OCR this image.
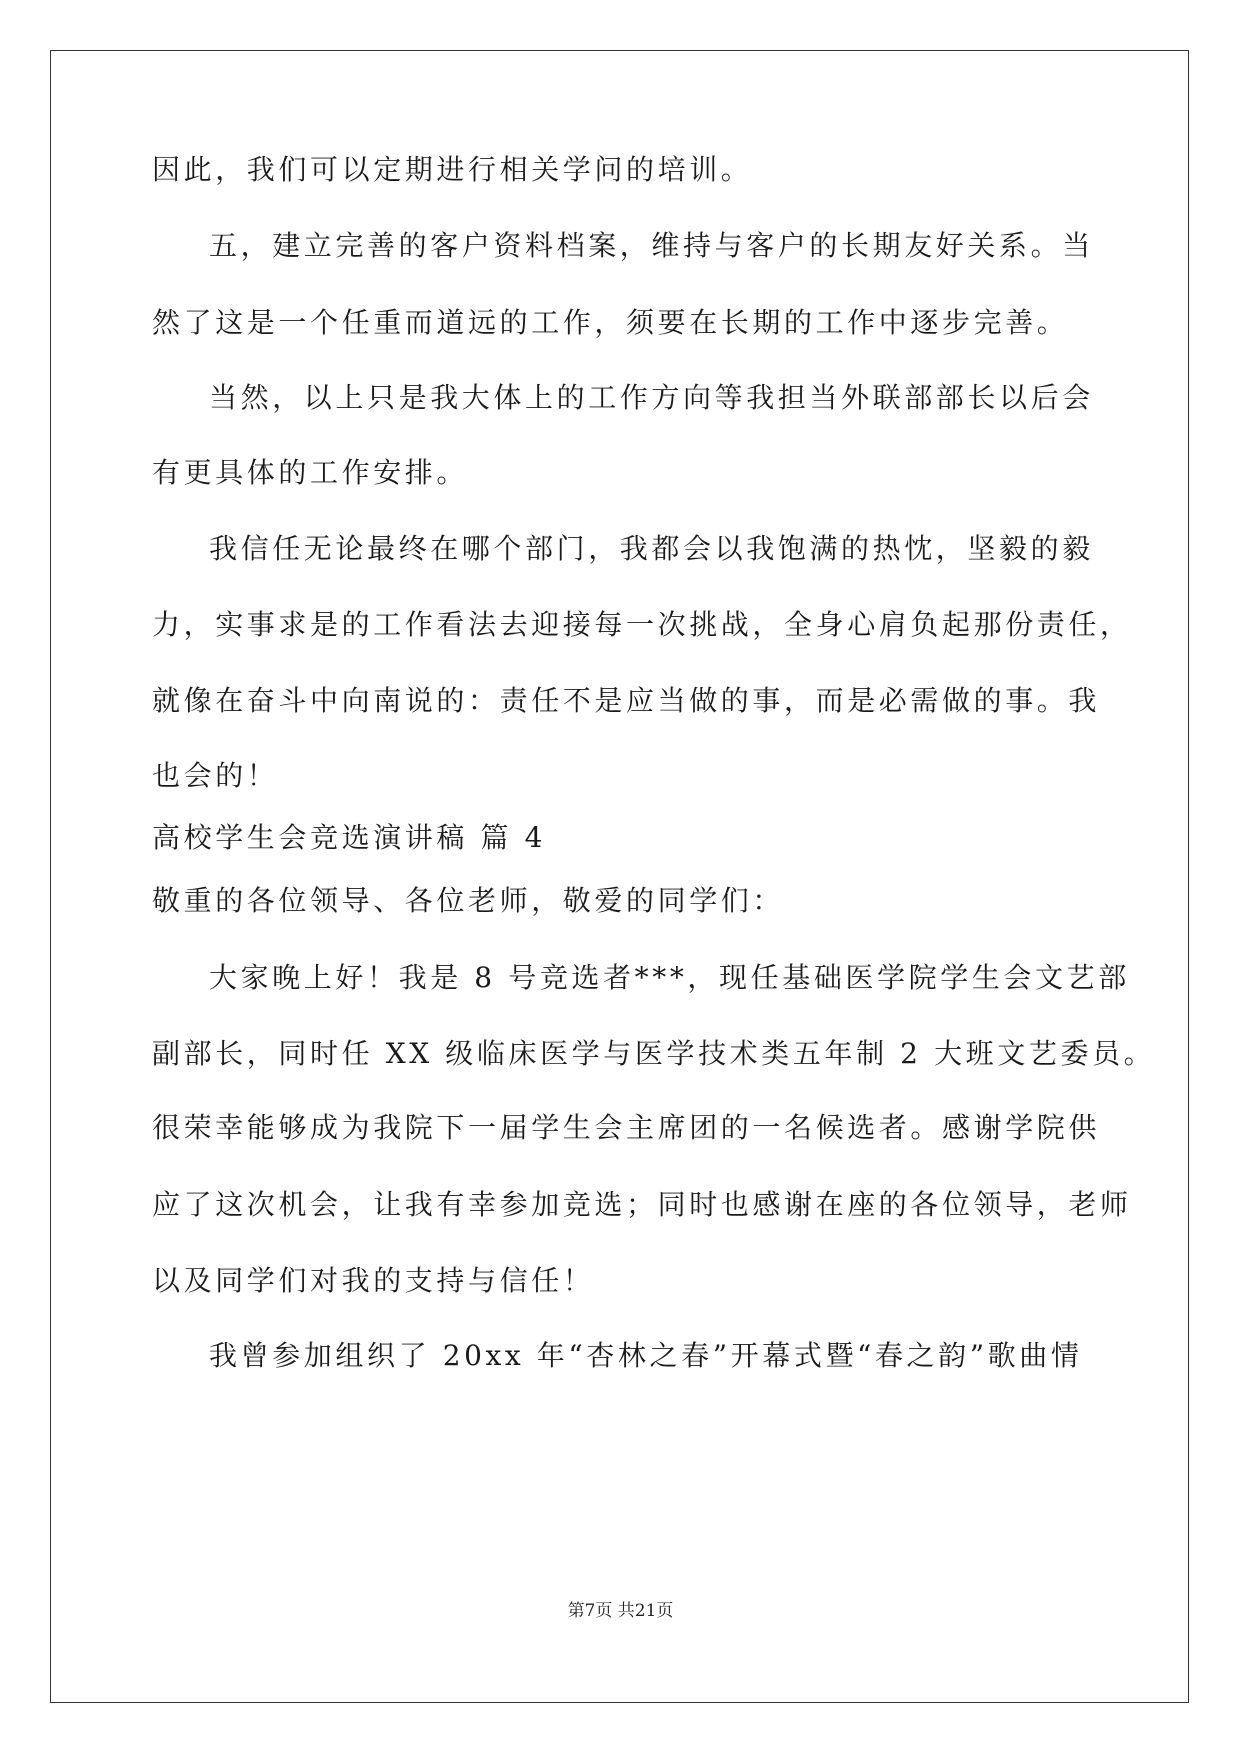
因此，我们可以定期进行相关学问的培训。
五，建立完善的客户资料档案，维持与客户的长期友好关系。当
然了这是一个任重而道远的工作，须要在长期的工作中逐步完善。
当然，以上只是我大体上的工作方向等我担当外联部部长以后会
有更具体的工作安排。
我信任无论最终在哪个部门，我都会以我饱满的热忱，坚毅的毅
力，实事求是的工作看法去迎接每一次挑战，全身心肩负起那份责任，
就像在奋斗中向南说的：责任不是应当做的事，而是必需做的事。我
也会的！
高校学生会竞选演讲稿 篇 4
敬重的各位领导、各位老师，敬爱的同学们：
大家晚上好！我是 8 号竞选者***，现任基础医学院学生会文艺部
副部长，同时任 XX 级临床医学与医学技术类五年制 2 大班文艺委员。
很荣幸能够成为我院下一届学生会主席团的一名候选者。感谢学院供
应了这次机会，让我有幸参加竞选；同时也感谢在座的各位领导，老师
以及同学们对我的支持与信任！
我曾参加组织了 20xx 年“杏林之春”开幕式暨“春之韵”歌曲情
第7页 共21页
